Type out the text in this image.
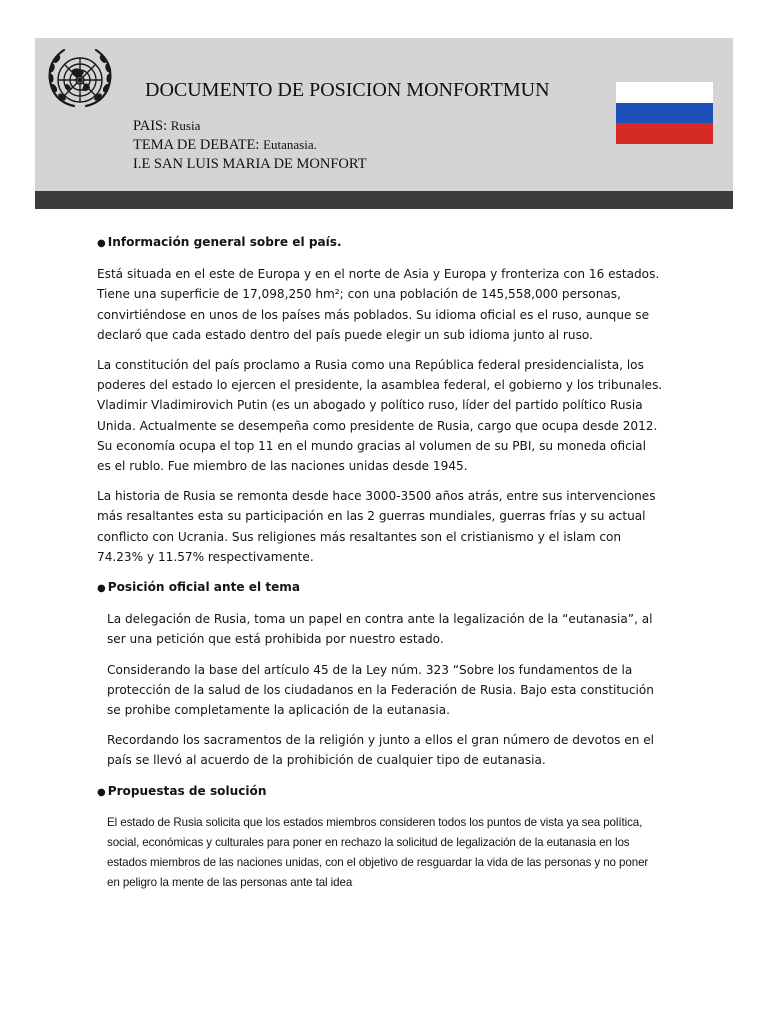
DOCUMENTO DE POSICION MONFORTMUN
PAIS: Rusia
TEMA DE DEBATE: Eutanasia.
I.E SAN LUIS MARIA DE MONFORT
● Información general sobre el país.

Está situada en el este de Europa y en el norte de Asia y Europa y fronteriza con 16 estados. Tiene una superficie de 17,098,250 hm²; con una población de 145,558,000 personas, convirtiéndose en unos de los países más poblados. Su idioma oficial es el ruso, aunque se declaró que cada estado dentro del país puede elegir un sub idioma junto al ruso.

La constitución del país proclamo a Rusia como una República federal presidencialista, los poderes del estado lo ejercen el presidente, la asamblea federal, el gobierno y los tribunales. Vladimir Vladimirovich Putin (es un abogado y político ruso, líder del partido político Rusia Unida. Actualmente se desempeña como presidente de Rusia, cargo que ocupa desde 2012. Su economía ocupa el top 11 en el mundo gracias al volumen de su PBI, su moneda oficial es el rublo. Fue miembro de las naciones unidas desde 1945.

La historia de Rusia se remonta desde hace 3000-3500 años atrás, entre sus intervenciones más resaltantes esta su participación en las 2 guerras mundiales, guerras frías y su actual conflicto con Ucrania. Sus religiones más resaltantes son el cristianismo y el islam con 74.23% y 11.57% respectivamente.

● Posición oficial ante el tema

La delegación de Rusia, toma un papel en contra ante la legalización de la “eutanasia”, al ser una petición que está prohibida por nuestro estado.

Considerando la base del artículo 45 de la Ley núm. 323 “Sobre los fundamentos de la protección de la salud de los ciudadanos en la Federación de Rusia. Bajo esta constitución se prohibe completamente la aplicación de la eutanasia.

Recordando los sacramentos de la religión y junto a ellos el gran número de devotos en el país se llevó al acuerdo de la prohibición de cualquier tipo de eutanasia.

● Propuestas de solución

El estado de Rusia solicita que los estados miembros consideren todos los puntos de vista ya sea política, social, económicas y culturales para poner en rechazo la solicitud de legalización de la eutanasia en los estados miembros de las naciones unidas, con el objetivo de resguardar la vida de las personas y no poner en peligro la mente de las personas ante tal idea
